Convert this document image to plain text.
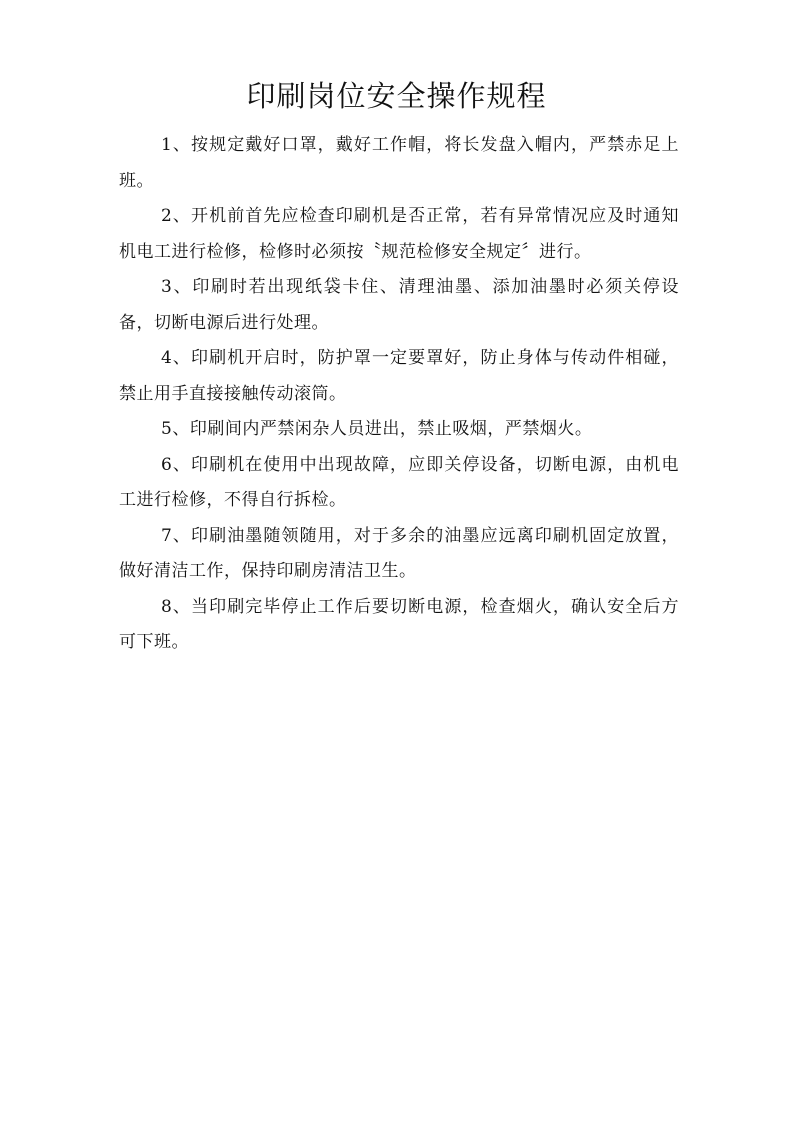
印刷岗位安全操作规程

1、按规定戴好口罩，戴好工作帽，将长发盘入帽内，严禁赤足上班。

2、开机前首先应检查印刷机是否正常，若有异常情况应及时通知机电工进行检修，检修时必须按〝规范检修安全规定〞进行。

3、印刷时若出现纸袋卡住、清理油墨、添加油墨时必须关停设备，切断电源后进行处理。

4、印刷机开启时，防护罩一定要罩好，防止身体与传动件相碰，禁止用手直接接触传动滚筒。

5、印刷间内严禁闲杂人员进出，禁止吸烟，严禁烟火。

6、印刷机在使用中出现故障，应即关停设备，切断电源，由机电工进行检修，不得自行拆检。

7、印刷油墨随领随用，对于多余的油墨应远离印刷机固定放置，做好清洁工作，保持印刷房清洁卫生。

8、当印刷完毕停止工作后要切断电源，检查烟火，确认安全后方可下班。
